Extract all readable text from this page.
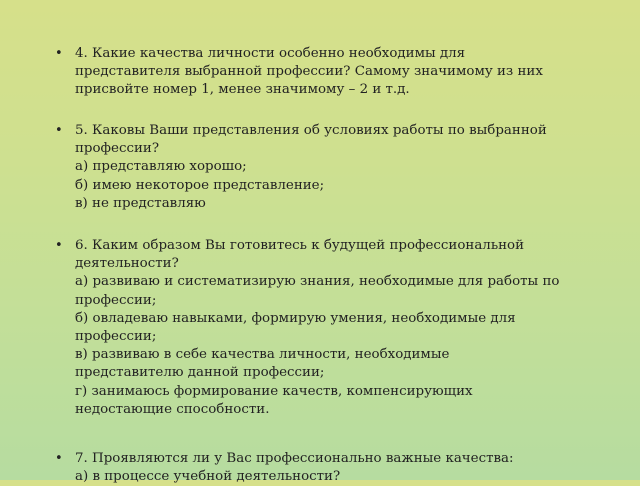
• 4. Какие качества личности особенно необходимы для
представителя выбранной профессии? Самому значимому из них
присвойте номер 1, менее значимому – 2 и т.д.
• 5. Каковы Ваши представления об условиях работы по выбранной
профессии?
а) представляю хорошо;
б) имею некоторое представление;
в) не представляю
• 6. Каким образом Вы готовитесь к будущей профессиональной
деятельности?
а) развиваю и систематизирую знания, необходимые для работы по
профессии;
б) овладеваю навыками, формирую умения, необходимые для
профессии;
в) развиваю в себе качества личности, необходимые
представителю данной профессии;
г) занимаюсь формирование качеств, компенсирующих
недостающие способности.
• 7. Проявляются ли у Вас профессионально важные качества:
а) в процессе учебной деятельности?
